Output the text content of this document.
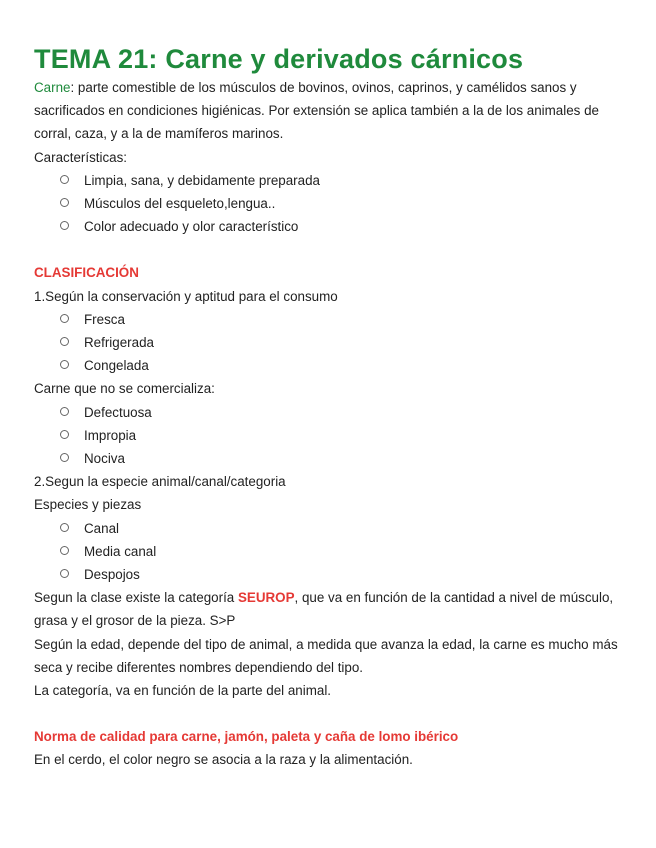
TEMA 21: Carne y derivados cárnicos

Carne: parte comestible de los músculos de bovinos, ovinos, caprinos, y camélidos sanos y sacrificados en condiciones higiénicas. Por extensión se aplica también a la de los animales de corral, caza, y a la de mamíferos marinos.

Características:

Limpia, sana, y debidamente preparada
Músculos del esqueleto,lengua..
Color adecuado y olor característico

CLASIFICACIÓN

1.Según la conservación y aptitud para el consumo

Fresca
Refrigerada
Congelada

Carne que no se comercializa:

Defectuosa
Impropia
Nociva

2.Segun la especie animal/canal/categoria

Especies y piezas

Canal
Media canal
Despojos

Segun la clase existe la categoría SEUROP, que va en función de la cantidad a nivel de músculo, grasa y el grosor de la pieza. S>P

Según la edad, depende del tipo de animal, a medida que avanza la edad, la carne es mucho más seca y recibe diferentes nombres dependiendo del tipo.

La categoría, va en función de la parte del animal.

Norma de calidad para carne, jamón, paleta y caña de lomo ibérico

En el cerdo, el color negro se asocia a la raza y la alimentación.
